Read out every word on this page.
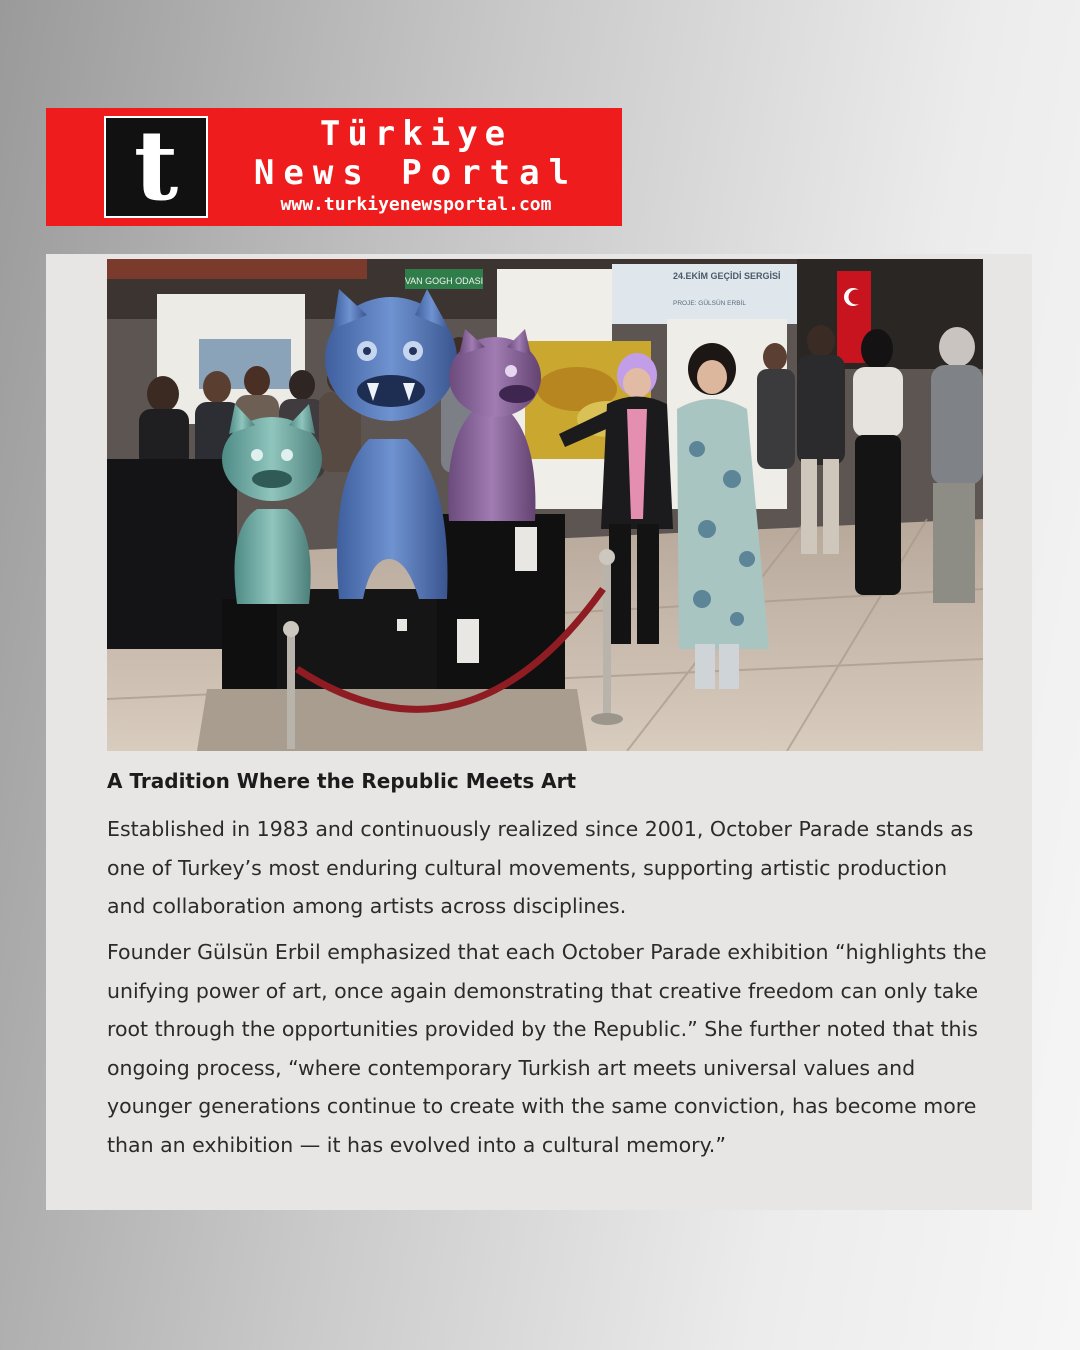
t	Türkiye
News Portal
www.turkiyenewsportal.com
VAN GOGH ODASI	24.EKİM GEÇİDİ SERGİSİ
PROJE: GÜLSÜN ERBİL
A Tradition Where the Republic Meets Art
Established in 1983 and continuously realized since 2001, October Parade stands as one of Turkey’s most enduring cultural movements, supporting artistic production and collaboration among artists across disciplines.
Founder Gülsün Erbil emphasized that each October Parade exhibition “highlights the unifying power of art, once again demonstrating that creative freedom can only take root through the opportunities provided by the Republic.” She further noted that this ongoing process, “where contemporary Turkish art meets universal values and younger generations continue to create with the same conviction, has become more than an exhibition — it has evolved into a cultural memory.”
